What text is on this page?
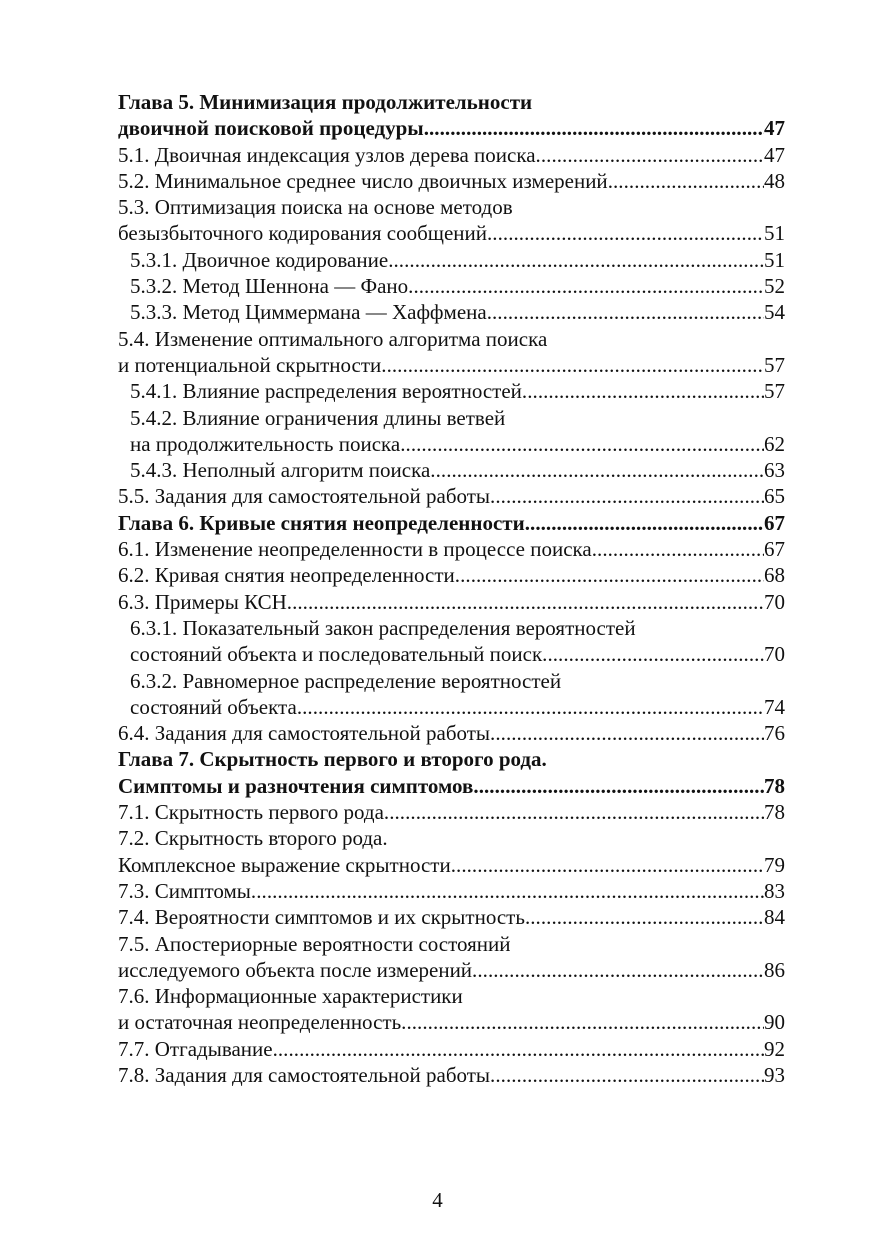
Глава 5. Минимизация продолжительности
двоичной поисковой процедуры . . .	47
5.1. Двоичная индексация узлов дерева поиска . . .	47
5.2. Минимальное среднее число двоичных измерений . . .	48
5.3. Оптимизация поиска на основе методов
безызбыточного кодирования сообщений . . .	51
5.3.1. Двоичное кодирование . . .	51
5.3.2. Метод Шеннона — Фано . . .	52
5.3.3. Метод Циммермана — Хаффмена . . .	54
5.4. Изменение оптимального алгоритма поиска
и потенциальной скрытности . . .	57
5.4.1. Влияние распределения вероятностей . . .	57
5.4.2. Влияние ограничения длины ветвей
на продолжительность поиска . . .	62
5.4.3. Неполный алгоритм поиска . . .	63
5.5. Задания для самостоятельной работы . . .	65
Глава 6. Кривые снятия неопределенности . . .	67
6.1. Изменение неопределенности в процессе поиска . . .	67
6.2. Кривая снятия неопределенности . . .	68
6.3. Примеры КСН . . .	70
6.3.1. Показательный закон распределения вероятностей
состояний объекта и последовательный поиск . . .	70
6.3.2. Равномерное распределение вероятностей
состояний объекта . . .	74
6.4. Задания для самостоятельной работы . . .	76
Глава 7. Скрытность первого и второго рода.
Симптомы и разночтения симптомов . . .	78
7.1. Скрытность первого рода . . .	78
7.2. Скрытность второго рода.
Комплексное выражение скрытности . . .	79
7.3. Симптомы . . .	83
7.4. Вероятности симптомов и их скрытность . . .	84
7.5. Апостериорные вероятности состояний
исследуемого объекта после измерений . . .	86
7.6. Информационные характеристики
и остаточная неопределенность . . .	90
7.7. Отгадывание . . .	92
7.8. Задания для самостоятельной работы . . .	93
4
